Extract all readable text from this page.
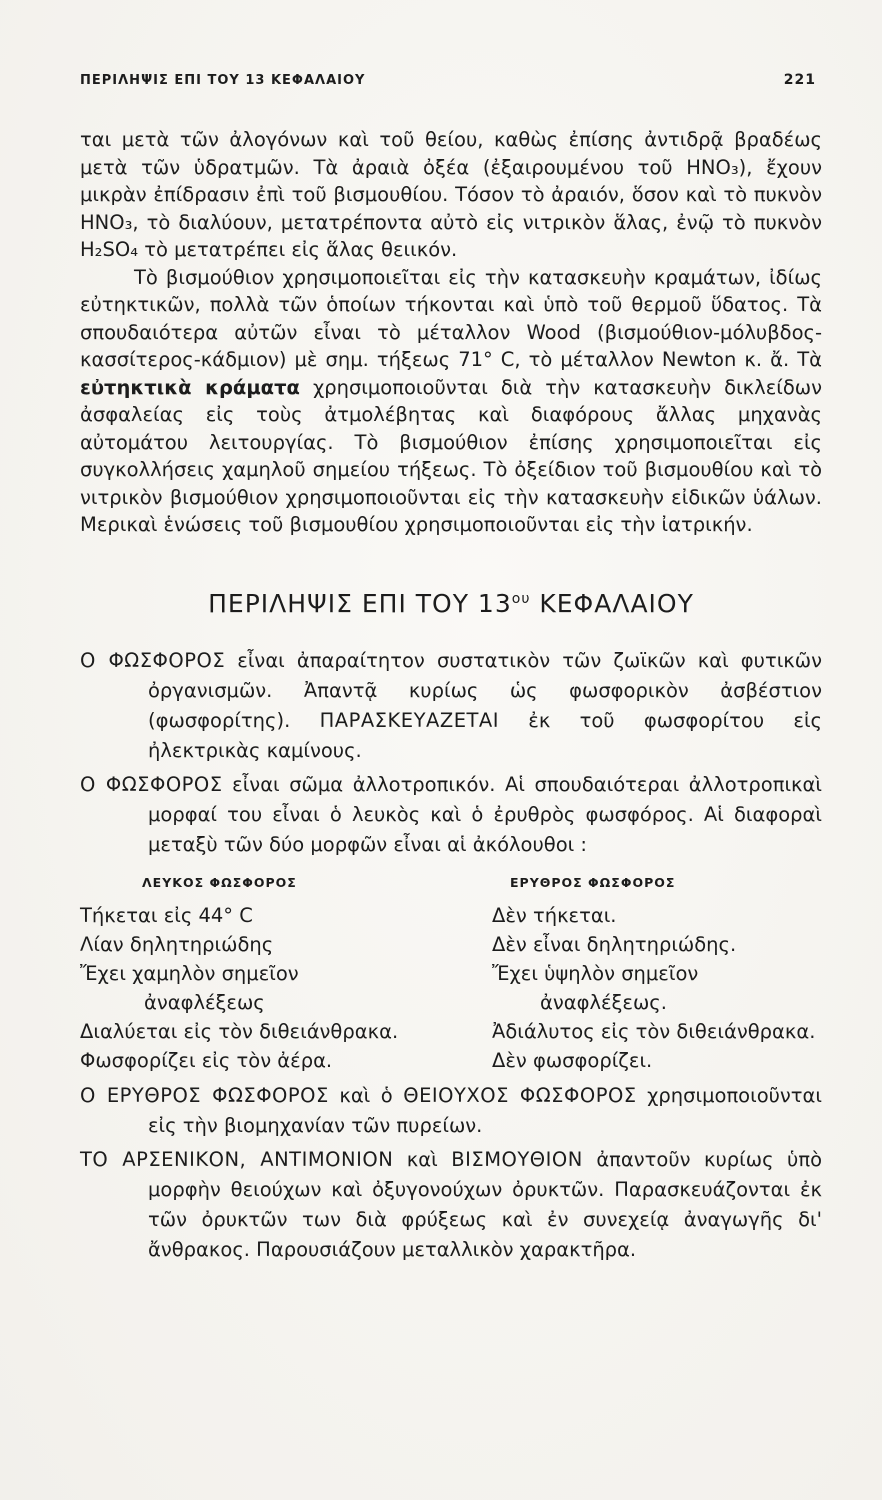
ΠΕΡΙΛΗΨΙΣ ΕΠΙ ΤΟΥ 13 ΚΕΦΑΛΑΙΟΥ	221

ται μετὰ τῶν ἀλογόνων καὶ τοῦ θείου, καθὼς ἐπίσης ἀντιδρᾷ βραδέως μετὰ τῶν ὑδρατμῶν. Τὰ ἀραιὰ ὀξέα (ἐξαιρουμένου τοῦ HNO₃), ἔχουν μικρὰν ἐπίδρασιν ἐπὶ τοῦ βισμουθίου. Τόσον τὸ ἀραιόν, ὅσον καὶ τὸ πυκνὸν HNO₃, τὸ διαλύουν, μετατρέποντα αὐτὸ εἰς νιτρικὸν ἅλας, ἐνῷ τὸ πυκνὸν H₂SO₄ τὸ μετατρέπει εἰς ἅλας θειικόν.

Τὸ βισμούθιον χρησιμοποιεῖται εἰς τὴν κατασκευὴν κραμάτων, ἰδίως εὐτηκτικῶν, πολλὰ τῶν ὁποίων τήκονται καὶ ὑπὸ τοῦ θερμοῦ ὕδατος. Τὰ σπουδαιότερα αὐτῶν εἶναι τὸ μέταλλον Wood (βισμούθιον-μόλυβδος-κασσίτερος-κάδμιον) μὲ σημ. τήξεως 71° C, τὸ μέταλλον Newton κ. ἄ. Τὰ εὐτηκτικὰ κράματα χρησιμοποιοῦνται διὰ τὴν κατασκευὴν δικλείδων ἀσφαλείας εἰς τοὺς ἀτμολέβητας καὶ διαφόρους ἄλλας μηχανὰς αὐτομάτου λειτουργίας. Τὸ βισμούθιον ἐπίσης χρησιμοποιεῖται εἰς συγκολλήσεις χαμηλοῦ σημείου τήξεως. Τὸ ὀξείδιον τοῦ βισμουθίου καὶ τὸ νιτρικὸν βισμούθιον χρησιμοποιοῦνται εἰς τὴν κατασκευὴν εἰδικῶν ὑάλων. Μερικαὶ ἑνώσεις τοῦ βισμουθίου χρησιμοποιοῦνται εἰς τὴν ἰατρικήν.

ΠΕΡΙΛΗΨΙΣ ΕΠΙ ΤΟΥ $13^{o\upsilon}$ ΚΕΦΑΛΑΙΟΥ

Ο ΦΩΣΦΟΡΟΣ εἶναι ἀπαραίτητον συστατικὸν τῶν ζωϊκῶν καὶ φυτικῶν ὀργανισμῶν. Ἀπαντᾷ κυρίως ὡς φωσφορικὸν ἀσβέστιον (φωσφορίτης). ΠΑΡΑΣΚΕΥΑΖΕΤΑΙ ἐκ τοῦ φωσφορίτου εἰς ἠλεκτρικὰς καμίνους.

Ο ΦΩΣΦΟΡΟΣ εἶναι σῶμα ἀλλοτροπικόν. Αἱ σπουδαιότεραι ἀλλοτροπικαὶ μορφαί του εἶναι ὁ λευκὸς καὶ ὁ ἐρυθρὸς φωσφόρος. Αἱ διαφοραὶ μεταξὺ τῶν δύο μορφῶν εἶναι αἱ ἀκόλουθοι :

ΛΕΥΚΟΣ ΦΩΣΦΟΡΟΣ
Τήκεται εἰς 44° C
Λίαν δηλητηριώδης
Ἔχει χαμηλὸν σημεῖον ἀναφλέξεως
Διαλύεται εἰς τὸν διθειάνθρακα.
Φωσφορίζει εἰς τὸν ἀέρα.
ΕΡΥΘΡΟΣ ΦΩΣΦΟΡΟΣ
Δὲν τήκεται.
Δὲν εἶναι δηλητηριώδης.
Ἔχει ὑψηλὸν σημεῖον ἀναφλέξεως.
Ἀδιάλυτος εἰς τὸν διθειάνθρακα.
Δὲν φωσφορίζει.

Ο ΕΡΥΘΡΟΣ ΦΩΣΦΟΡΟΣ καὶ ὁ ΘΕΙΟΥΧΟΣ ΦΩΣΦΟΡΟΣ χρησιμοποιοῦνται εἰς τὴν βιομηχανίαν τῶν πυρείων.

ΤΟ ΑΡΣΕΝΙΚΟΝ, ΑΝΤΙΜΟΝΙΟΝ καὶ ΒΙΣΜΟΥΘΙΟΝ ἀπαντοῦν κυρίως ὑπὸ μορφὴν θειούχων καὶ ὀξυγονούχων ὀρυκτῶν. Παρασκευάζονται ἐκ τῶν ὀρυκτῶν των διὰ φρύξεως καὶ ἐν συνεχείᾳ ἀναγωγῆς δι' ἄνθρακος. Παρουσιάζουν μεταλλικὸν χαρακτῆρα.
